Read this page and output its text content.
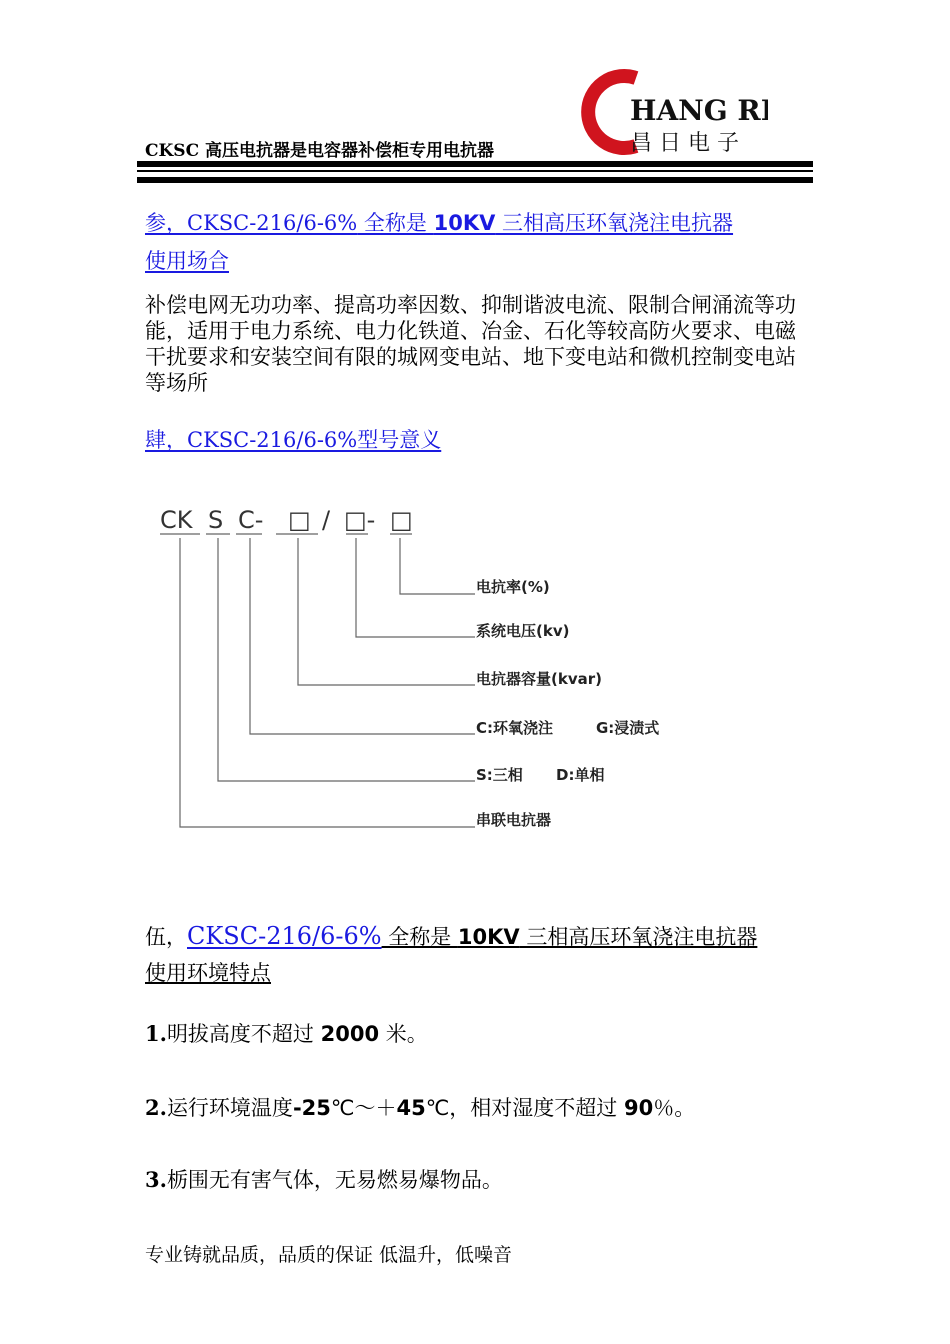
CKSC 高压电抗器是电容器补偿柜专用电抗器
HANG RI
昌 日 电 子
参，CKSC-216/6-6% 全称是 10KV 三相高压环氧浇注电抗器
使用场合
补偿电网无功功率、提高功率因数、抑制谐波电流、限制合闸涌流等功能，适用于电力系统、电力化铁道、冶金、石化等较高防火要求、电磁干扰要求和安装空间有限的城网变电站、地下变电站和微机控制变电站等场所
肆，CKSC-216/6-6%型号意义
CK S C- □ / □- □
电抗率(%)
系统电压(kv)
电抗器容量(kvar)
C:环氧浇注	G:浸渍式
S:三相 D:单相
串联电抗器
伍，CKSC-216/6-6% 全称是 10KV 三相高压环氧浇注电抗器
使用环境特点
1.明拔高度不超过 2000 米。
2.运行环境温度-25℃～＋45℃，相对湿度不超过 90％。
3.栃围无有害气体，无易燃易爆物品。
专业铸就品质，品质的保证 低温升，低噪音
